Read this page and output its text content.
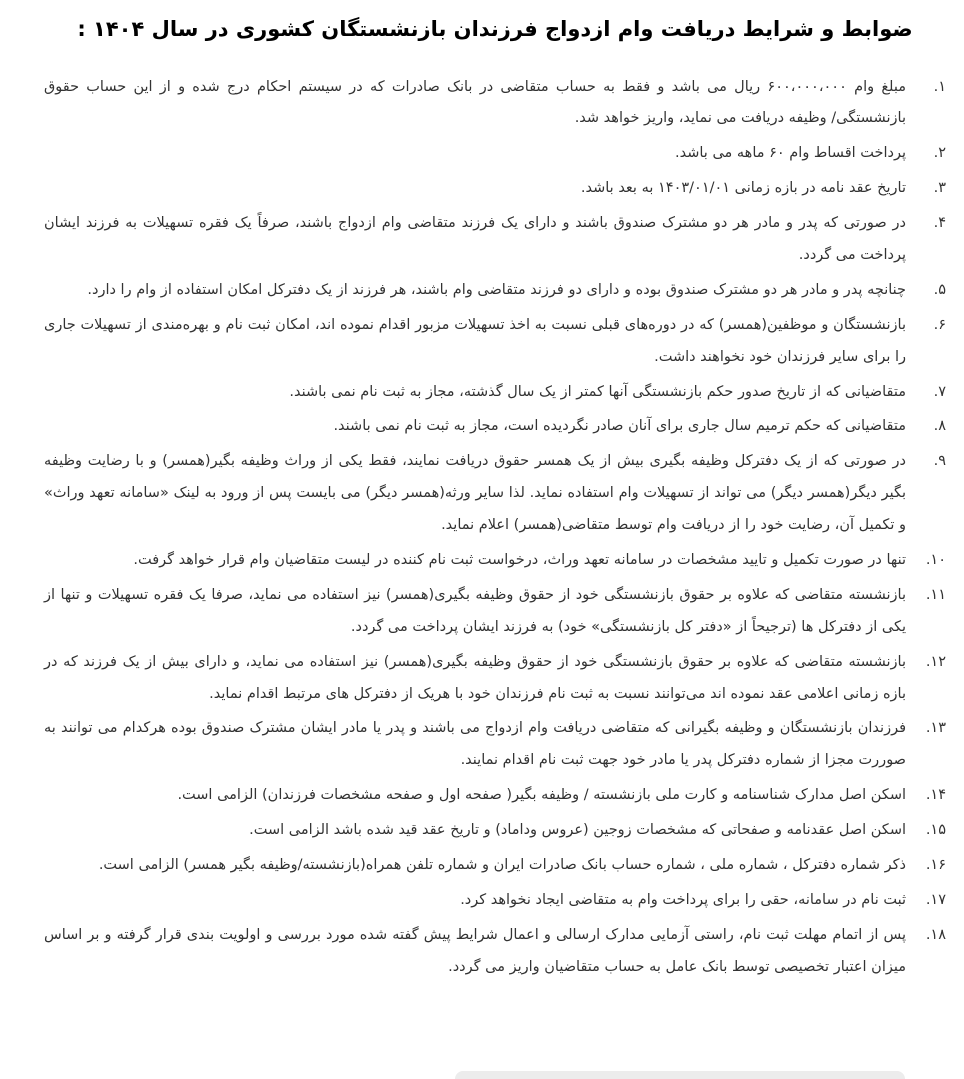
ضوابط و شرایط دریافت وام ازدواج فرزندان بازنشستگان کشوری در سال ۱۴۰۴ :
۱.

مبلغ وام ۶۰۰،۰۰۰،۰۰۰ ریال می باشد و فقط به حساب متقاضی در بانک صادرات که در سیستم احکام درج شده و از این حساب حقوق بازنشستگی/ وظیفه دریافت می نماید، واریز خواهد شد.

۲.

پرداخت اقساط وام ۶۰ ماهه می باشد.

۳.

تاریخ عقد نامه در بازه زمانی ۱۴۰۳/۰۱/۰۱ به بعد باشد.

۴.

در صورتی که پدر و مادر هر دو مشترک صندوق باشند و دارای یک فرزند متقاضی وام ازدواج باشند، صرفاً یک فقره تسهیلات به فرزند ایشان پرداخت می گردد.

۵.

چنانچه پدر و مادر هر دو مشترک صندوق بوده و دارای دو فرزند متقاضی وام باشند، هر فرزند از یک دفترکل امکان استفاده از وام را دارد.

۶.

بازنشستگان و موظفین(همسر) که در دوره‌های قبلی نسبت به اخذ تسهیلات مزبور اقدام نموده اند، امکان ثبت نام و بهره‌مندی از تسهیلات جاری را برای سایر فرزندان خود نخواهند داشت.

۷.

متقاضیانی که از تاریخ صدور حکم بازنشستگی آنها کمتر از یک سال گذشته، مجاز به ثبت نام نمی باشند.

۸.

متقاضیانی که حکم ترمیم سال جاری برای آنان صادر نگردیده است، مجاز به ثبت نام نمی باشند.

۹.

در صورتی که از یک دفترکل وظیفه بگیری بیش از یک همسر حقوق دریافت نمایند، فقط یکی از وراث وظیفه بگیر(همسر) و با رضایت وظیفه بگیر دیگر(همسر دیگر) می تواند از تسهیلات وام استفاده نماید. لذا سایر ورثه(همسر دیگر) می بایست پس از ورود به لینک «سامانه تعهد وراث» و تکمیل آن، رضایت خود را از دریافت وام توسط متقاضی(همسر) اعلام نماید.

۱۰.

تنها در صورت تکمیل و تایید مشخصات در سامانه تعهد وراث، درخواست ثبت نام کننده در لیست متقاضیان وام قرار خواهد گرفت.

۱۱.

بازنشسته متقاضی که علاوه بر حقوق بازنشستگی خود از حقوق وظیفه بگیری(همسر) نیز استفاده می نماید، صرفا یک فقره تسهیلات و تنها از یکی از دفترکل ها (ترجیحاً از «دفتر کل بازنشستگی» خود) به فرزند ایشان پرداخت می گردد.

۱۲.

بازنشسته متقاضی که علاوه بر حقوق بازنشستگی خود از حقوق وظیفه بگیری(همسر) نیز استفاده می نماید، و دارای بیش از یک فرزند که در بازه زمانی اعلامی عقد نموده اند می‌توانند نسبت به ثبت نام فرزندان خود با هریک از دفترکل های مرتبط اقدام نماید.

۱۳.

فرزندان بازنشستگان و وظیفه بگیرانی که متقاضی دریافت وام ازدواج می باشند و پدر یا مادر ایشان مشترک صندوق بوده هرکدام می توانند به صوررت مجزا از شماره دفترکل پدر یا مادر خود جهت ثبت نام اقدام نمایند.

۱۴.

اسکن اصل مدارک شناسنامه و کارت ملی بازنشسته / وظیفه بگیر( صفحه اول و صفحه مشخصات فرزندان) الزامی است.

۱۵.

اسکن اصل عقدنامه و صفحاتی که مشخصات زوجین (عروس وداماد) و تاریخ عقد قید شده باشد الزامی است.

۱۶.

ذکر شماره دفترکل ، شماره ملی ، شماره حساب بانک صادرات ایران و شماره تلفن همراه(بازنشسته/وظیفه بگیر همسر) الزامی است.

۱۷.

ثبت نام در سامانه، حقی را برای پرداخت وام به متقاضی ایجاد نخواهد کرد.

۱۸.

پس از اتمام مهلت ثبت نام، راستی آزمایی مدارک ارسالی و اعمال شرایط پیش گفته شده مورد بررسی و اولویت بندی قرار گرفته و بر اساس میزان اعتبار تخصیصی توسط بانک عامل به حساب متقاضیان واریز می گردد.
